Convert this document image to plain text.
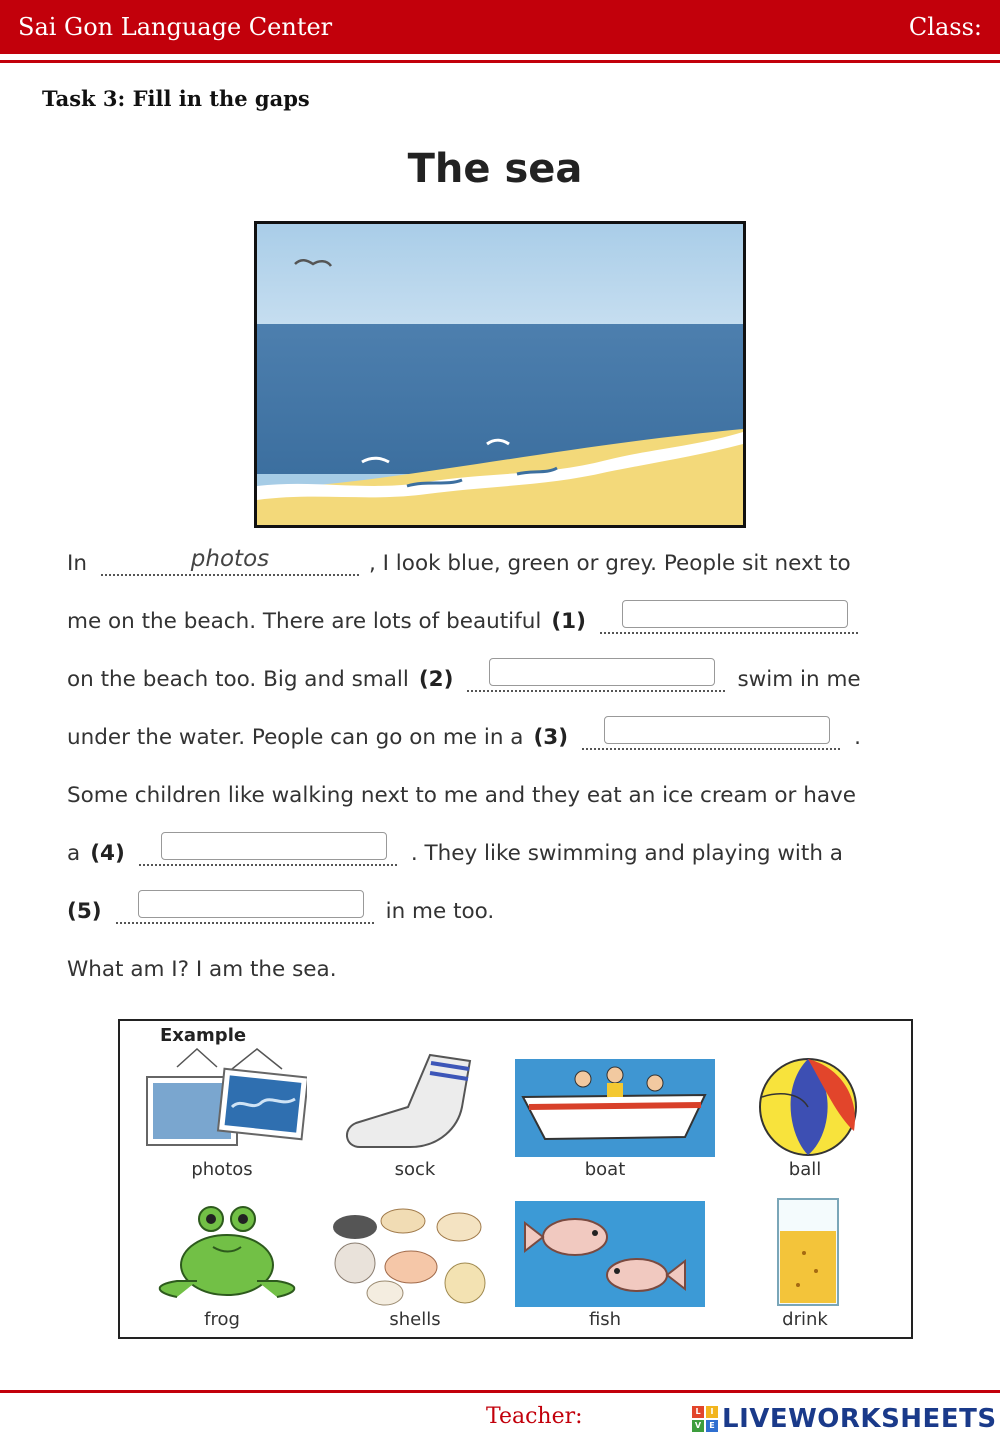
Sai Gon Language Center	Class:
Task 3: Fill in the gaps
The sea
In	photos	, I look blue, green or grey. People sit next to
me on the beach. There are lots of beautiful (1)
on the beach too. Big and small (2)	swim in me
under the water. People can go on me in a (3)	.
Some children like walking next to me and they eat an ice cream or have
a (4)	. They like swimming and playing with a
(5)	in me too.
What am I? I am the sea.
Example
photos	sock	boat	ball
frog	shells	fish	drink
Teacher:	L	I
V	E LIVEWORKSHEETS
